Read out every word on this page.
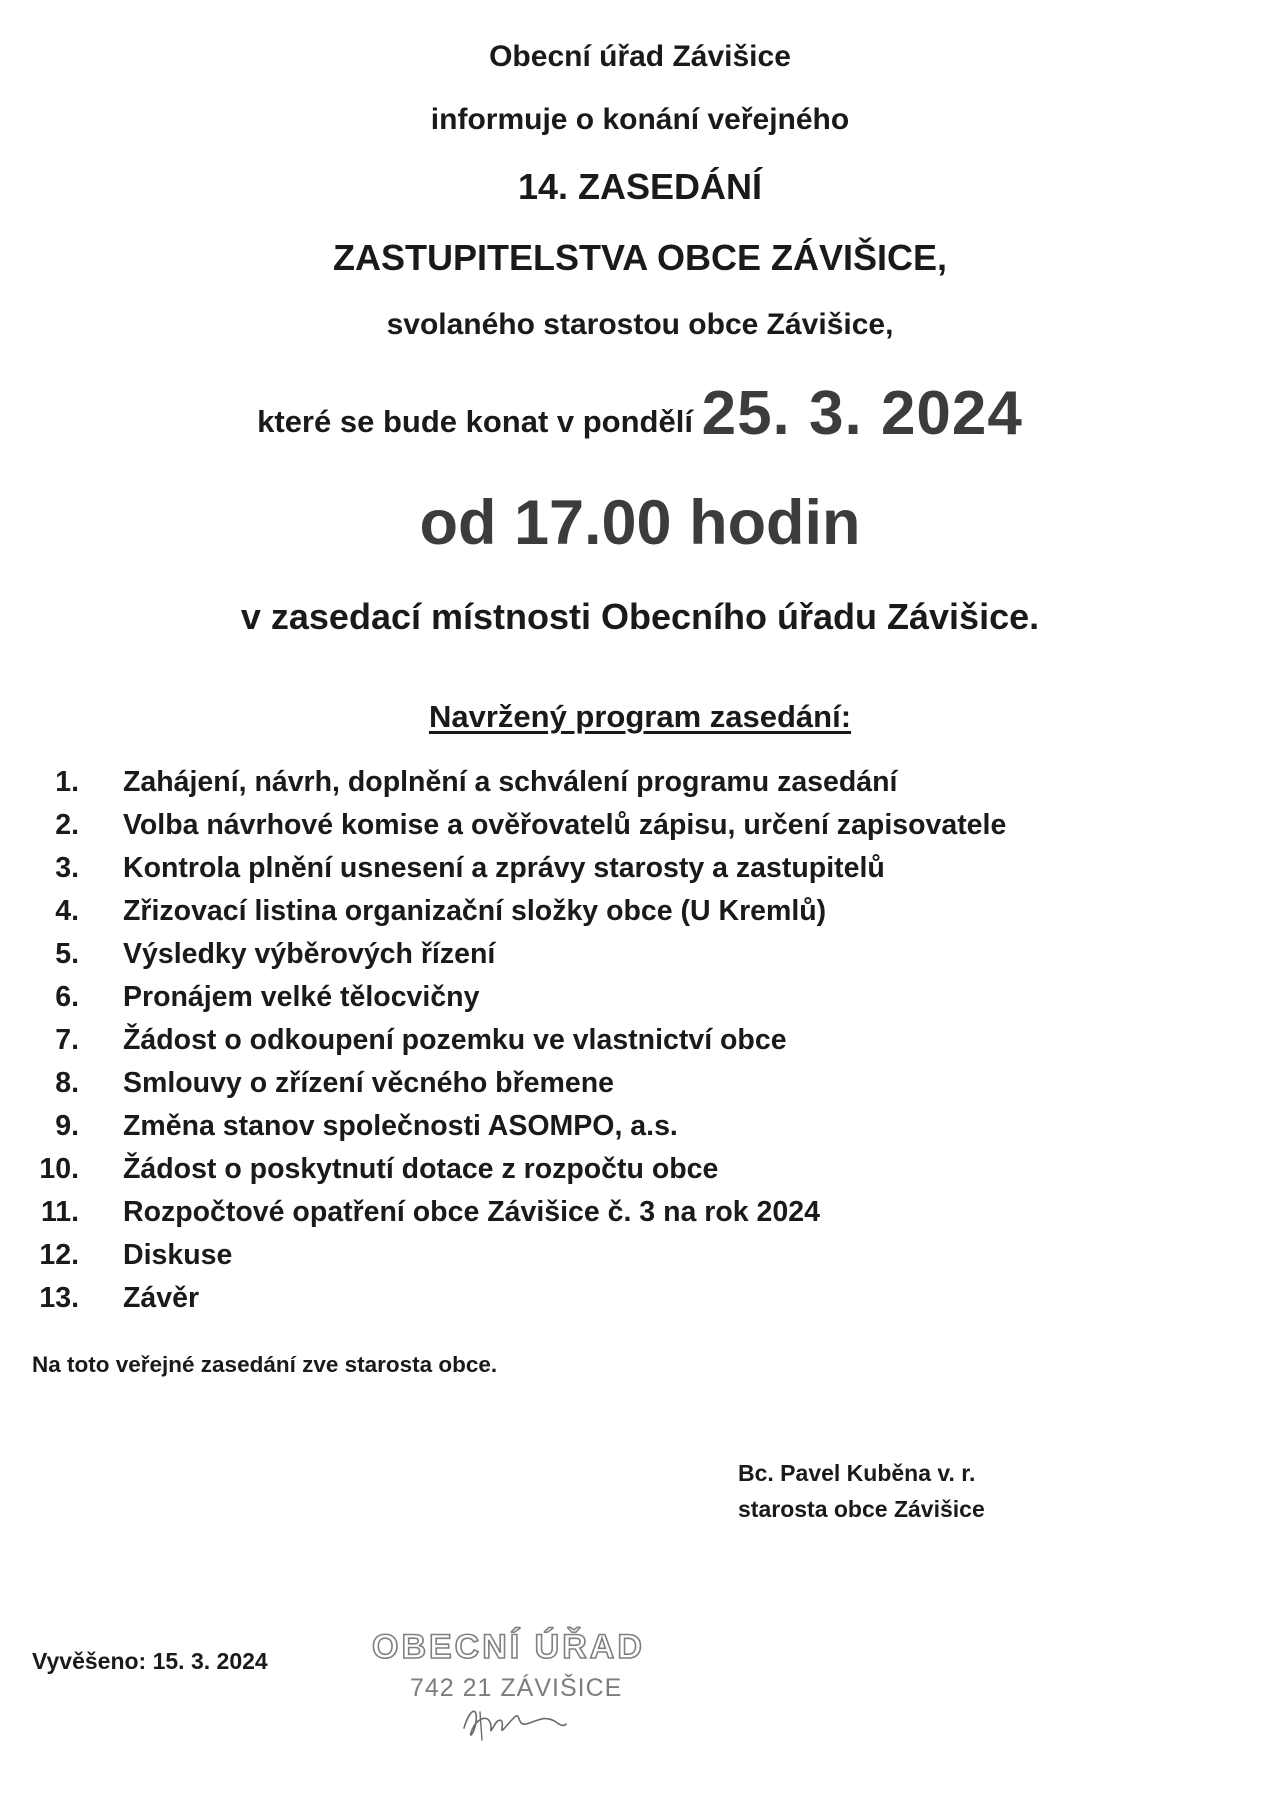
Obecní úřad Závišice
informuje o konání veřejného
14. ZASEDÁNÍ
ZASTUPITELSTVA OBCE ZÁVIŠICE,
svolaného starostou obce Závišice,
které se bude konat v pondělí 25. 3. 2024
od 17.00 hodin
v zasedací místnosti Obecního úřadu Závišice.
Navržený program zasedání:
1. Zahájení, návrh, doplnění a schválení programu zasedání
2. Volba návrhové komise a ověřovatelů zápisu, určení zapisovatele
3. Kontrola plnění usnesení a zprávy starosty a zastupitelů
4. Zřizovací listina organizační složky obce (U Kremlů)
5. Výsledky výběrových řízení
6. Pronájem velké tělocvičny
7. Žádost o odkoupení pozemku ve vlastnictví obce
8. Smlouvy o zřízení věcného břemene
9. Změna stanov společnosti ASOMPO, a.s.
10. Žádost o poskytnutí dotace z rozpočtu obce
11. Rozpočtové opatření obce Závišice č. 3 na rok 2024
12. Diskuse
13. Závěr
Na toto veřejné zasedání zve starosta obce.
Bc. Pavel Kuběna v. r.
starosta obce Závišice
Vyvěšeno: 15. 3. 2024	OBECNÍ ÚŘAD
742 21 ZÁVIŠICE
